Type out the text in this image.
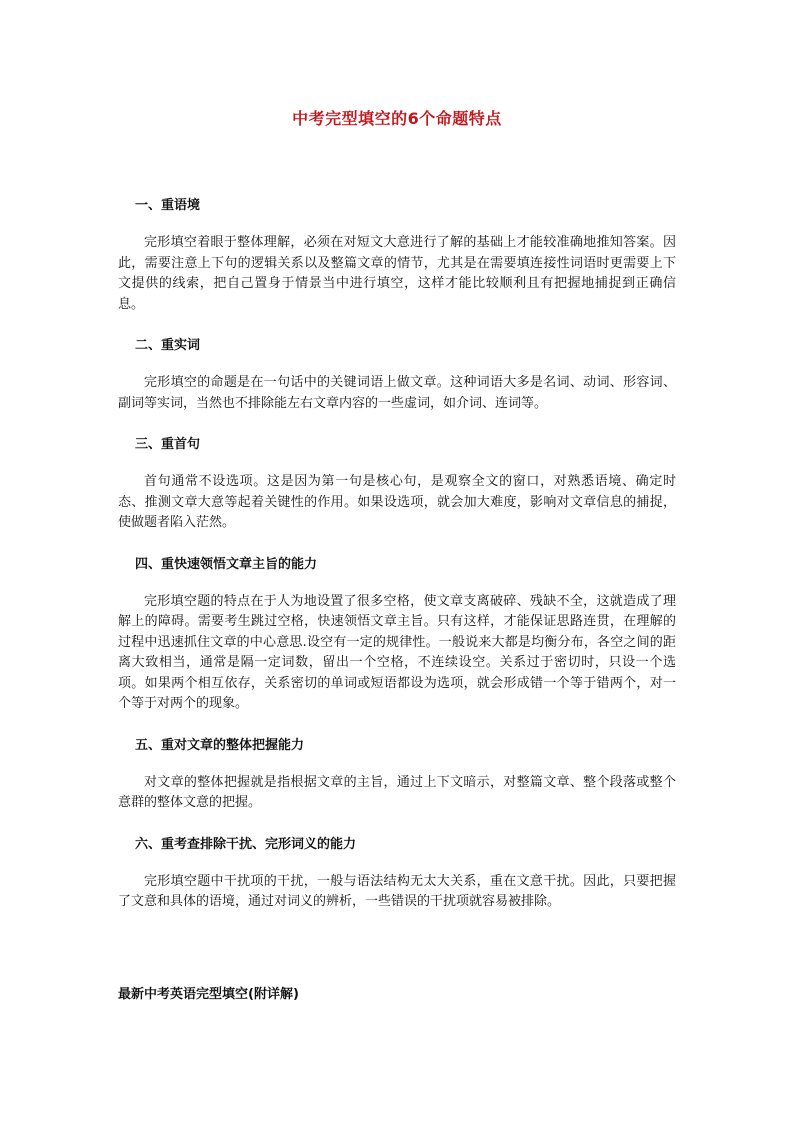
中考完型填空的6个命题特点

一、重语境

完形填空着眼于整体理解，必须在对短文大意进行了解的基础上才能较准确地推知答案。因此，需要注意上下句的逻辑关系以及整篇文章的情节，尤其是在需要填连接性词语时更需要上下文提供的线索，把自己置身于情景当中进行填空，这样才能比较顺利且有把握地捕捉到正确信息。

二、重实词

完形填空的命题是在一句话中的关键词语上做文章。这种词语大多是名词、动词、形容词、副词等实词，当然也不排除能左右文章内容的一些虚词，如介词、连词等。

三、重首句

首句通常不设选项。这是因为第一句是核心句，是观察全文的窗口，对熟悉语境、确定时态、推测文章大意等起着关键性的作用。如果设选项，就会加大难度，影响对文章信息的捕捉，使做题者陷入茫然。

四、重快速领悟文章主旨的能力

完形填空题的特点在于人为地设置了很多空格，使文章支离破碎、残缺不全，这就造成了理解上的障碍。需要考生跳过空格，快速领悟文章主旨。只有这样，才能保证思路连贯，在理解的过程中迅速抓住文章的中心意思.设空有一定的规律性。一般说来大都是均衡分布，各空之间的距离大致相当，通常是隔一定词数，留出一个空格，不连续设空。关系过于密切时，只设一个选项。如果两个相互依存，关系密切的单词或短语都设为选项，就会形成错一个等于错两个，对一个等于对两个的现象。

五、重对文章的整体把握能力

对文章的整体把握就是指根据文章的主旨，通过上下文暗示，对整篇文章、整个段落或整个意群的整体文意的把握。

六、重考查排除干扰、完形词义的能力

完形填空题中干扰项的干扰，一般与语法结构无太大关系，重在文意干扰。因此，只要把握了文意和具体的语境，通过对词义的辨析，一些错误的干扰项就容易被排除。

最新中考英语完型填空(附详解)
